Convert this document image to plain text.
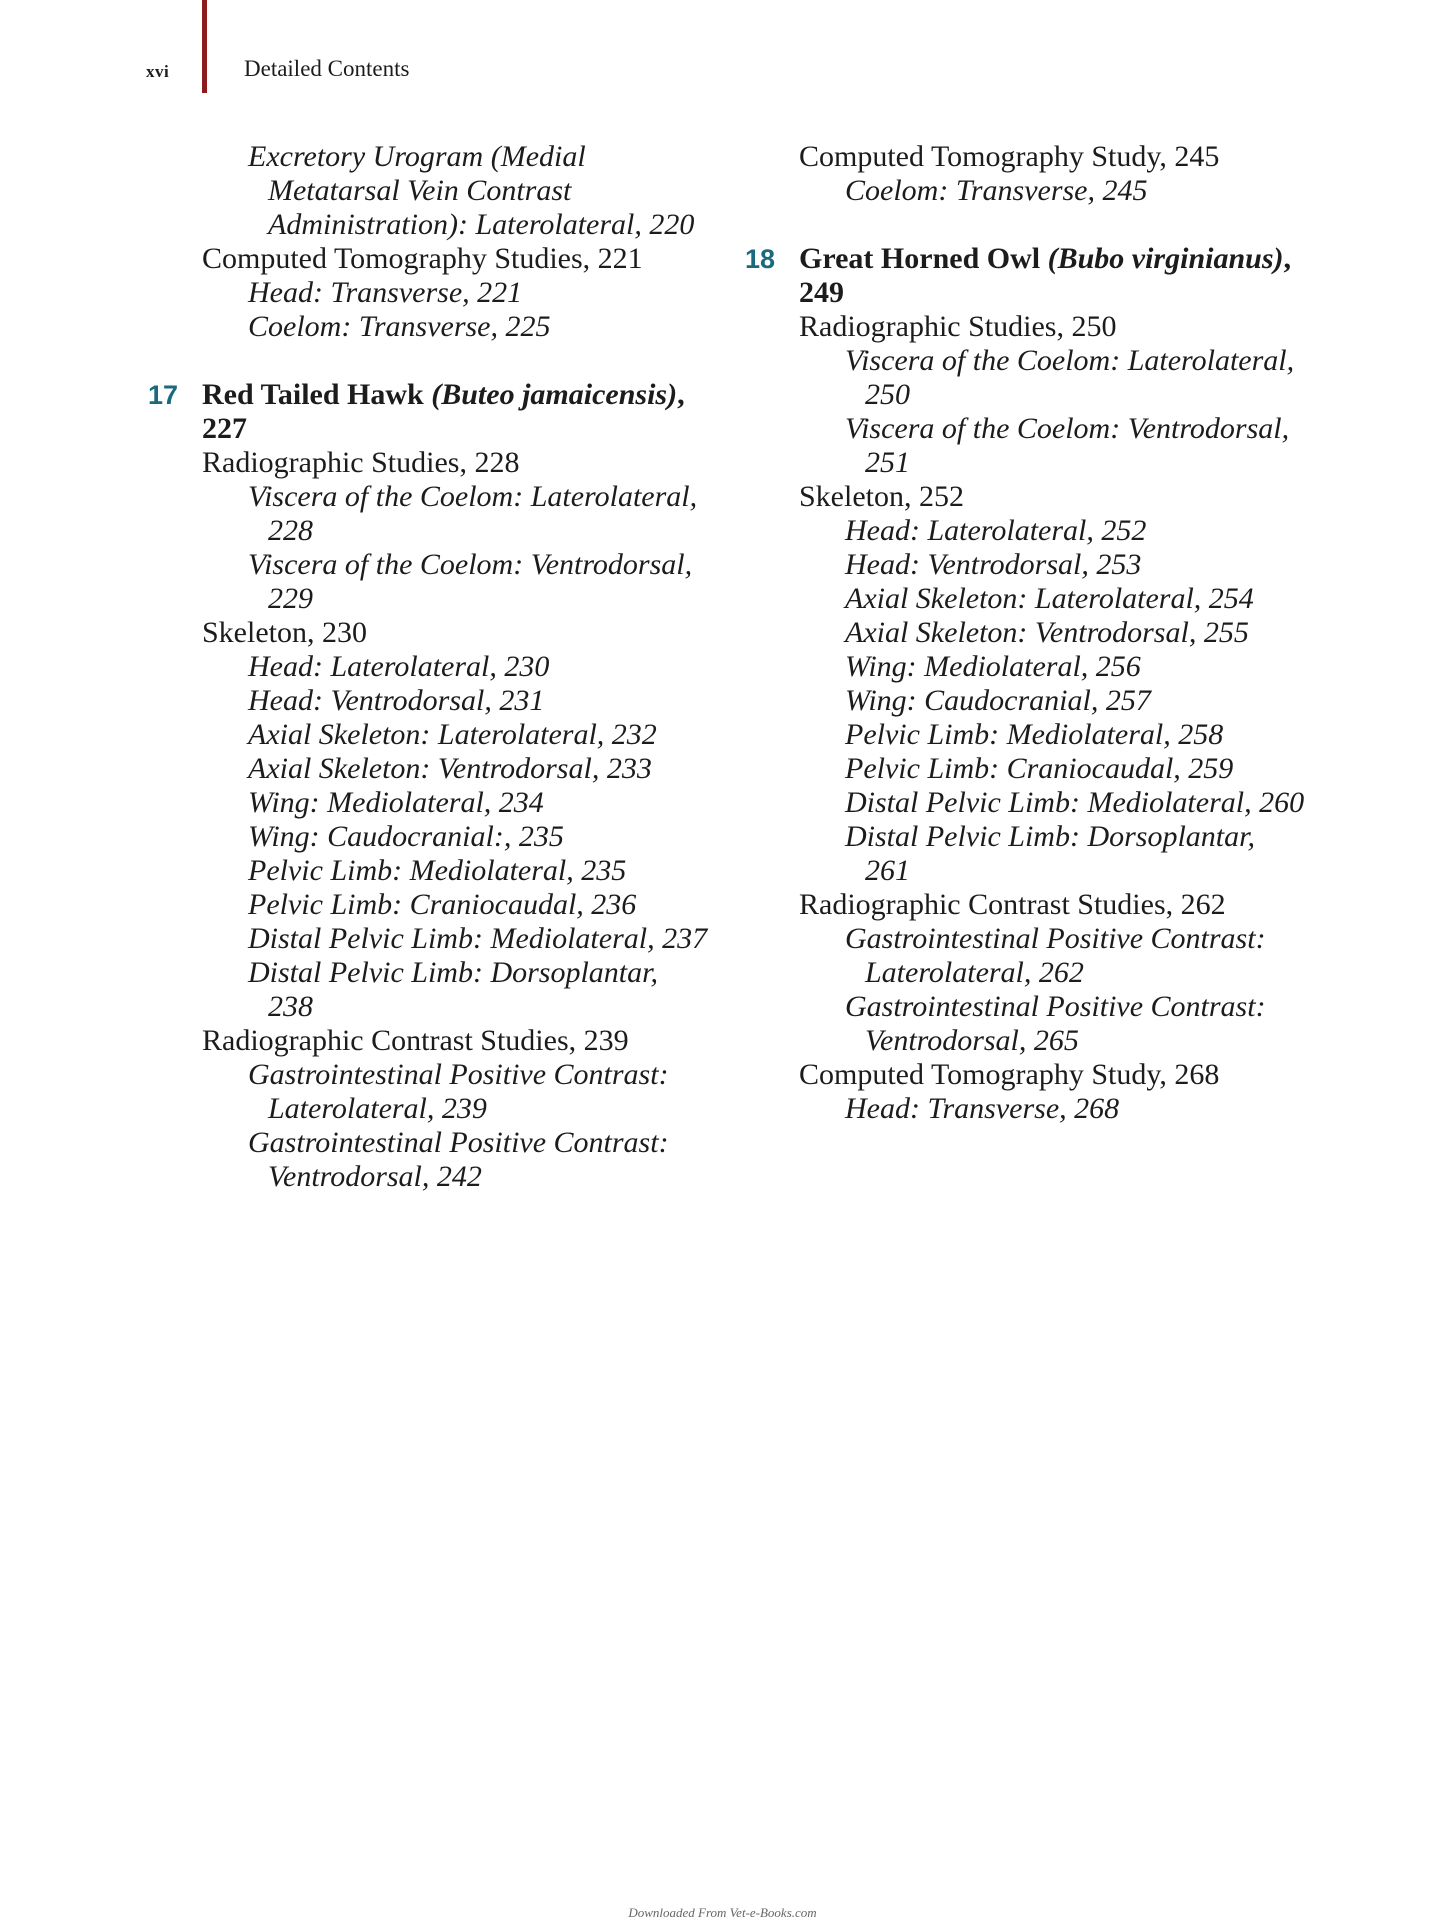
xvi	Detailed Contents
Excretory Urogram (Medial Metatarsal Vein Contrast Administration): Laterolateral, 220
Computed Tomography Studies, 221
Head: Transverse, 221
Coelom: Transverse, 225
17 Red Tailed Hawk (Buteo jamaicensis), 227
Radiographic Studies, 228
Viscera of the Coelom: Laterolateral, 228
Viscera of the Coelom: Ventrodorsal, 229
Skeleton, 230
Head: Laterolateral, 230
Head: Ventrodorsal, 231
Axial Skeleton: Laterolateral, 232
Axial Skeleton: Ventrodorsal, 233
Wing: Mediolateral, 234
Wing: Caudocranial:, 235
Pelvic Limb: Mediolateral, 235
Pelvic Limb: Craniocaudal, 236
Distal Pelvic Limb: Mediolateral, 237
Distal Pelvic Limb: Dorsoplantar, 238
Radiographic Contrast Studies, 239
Gastrointestinal Positive Contrast: Laterolateral, 239
Gastrointestinal Positive Contrast: Ventrodorsal, 242
Computed Tomography Study, 245
Coelom: Transverse, 245
18 Great Horned Owl (Bubo virginianus), 249
Radiographic Studies, 250
Viscera of the Coelom: Laterolateral, 250
Viscera of the Coelom: Ventrodorsal, 251
Skeleton, 252
Head: Laterolateral, 252
Head: Ventrodorsal, 253
Axial Skeleton: Laterolateral, 254
Axial Skeleton: Ventrodorsal, 255
Wing: Mediolateral, 256
Wing: Caudocranial, 257
Pelvic Limb: Mediolateral, 258
Pelvic Limb: Craniocaudal, 259
Distal Pelvic Limb: Mediolateral, 260
Distal Pelvic Limb: Dorsoplantar, 261
Radiographic Contrast Studies, 262
Gastrointestinal Positive Contrast: Laterolateral, 262
Gastrointestinal Positive Contrast: Ventrodorsal, 265
Computed Tomography Study, 268
Head: Transverse, 268
Downloaded From Vet-e-Books.com
